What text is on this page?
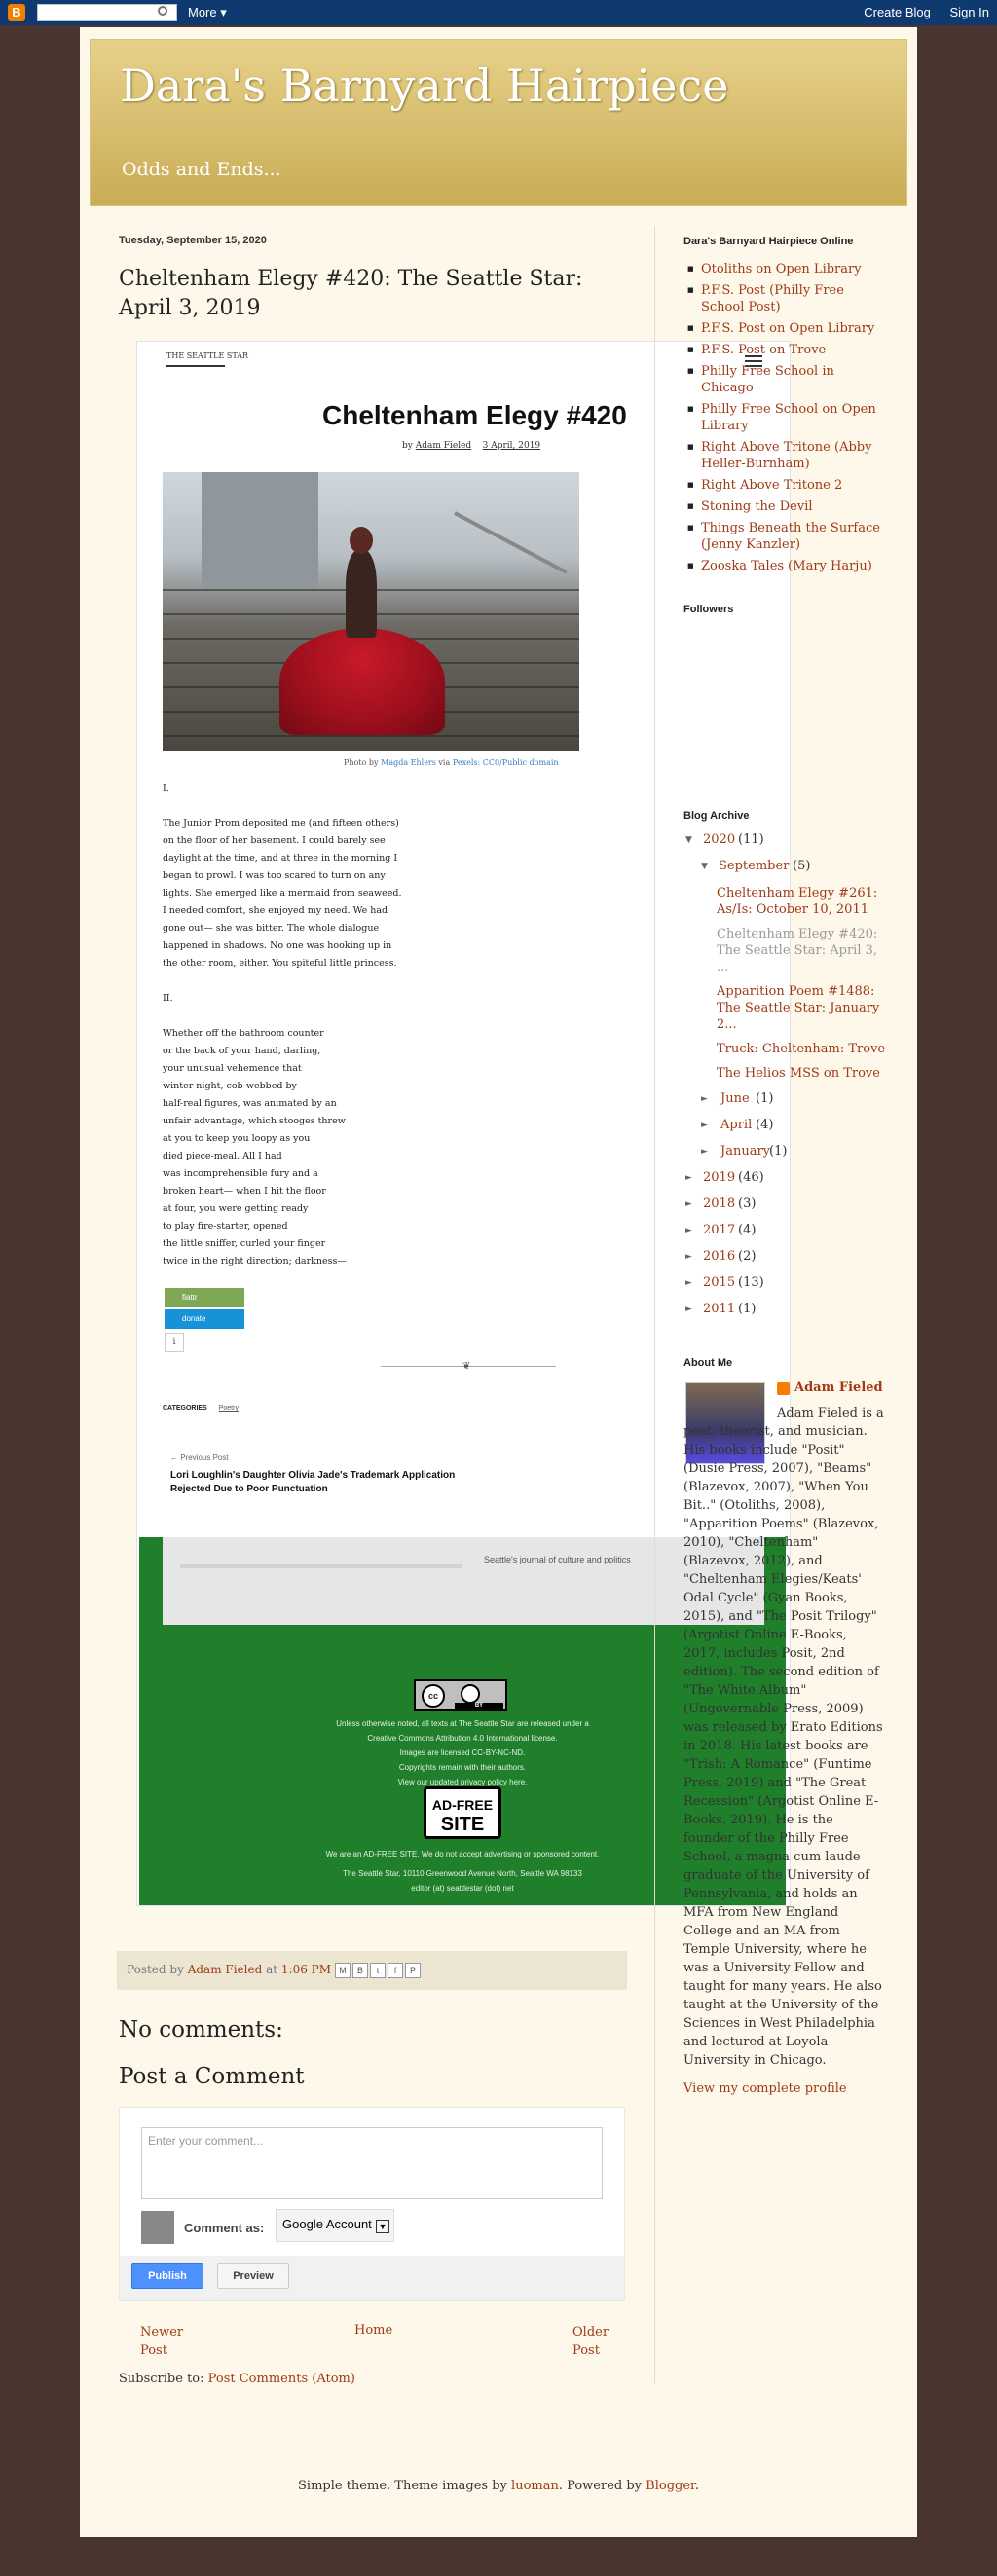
B	More ▾	Create Blog Sign In
Dara's Barnyard Hairpiece
Odds and Ends...
Tuesday, September 15, 2020
Cheltenham Elegy #420: The Seattle Star: April 3, 2019
THE SEATTLE STAR
Cheltenham Elegy #420
by Adam Fieled 3 April, 2019
Photo by Magda Ehlers via Pexels: CC0/Public domain

I.

The Junior Prom deposited me (and fifteen others) on the floor of her basement. I could barely see daylight at the time, and at three in the morning I began to prowl. I was too scared to turn on any lights. She emerged like a mermaid from seaweed. I needed comfort, she enjoyed my need. We had gone out— she was bitter. The whole dialogue happened in shadows. No one was hooking up in the other room, either. You spiteful little princess.

II.

Whether off the bathroom counter
or the back of your hand, darling,
your unusual vehemence that
winter night, cob-webbed by
half-real figures, was animated by an
unfair advantage, which stooges threw
at you to keep you loopy as you
died piece-meal. All I had
was incomprehensible fury and a
broken heart— when I hit the floor
at four, you were getting ready
to play fire-starter, opened
the little sniffer, curled your finger
twice in the right direction; darkness—
flattr
donate
i
❦
CATEGORIES Poetry
← Previous Post
Lori Loughlin's Daughter Olivia Jade's Trademark Application Rejected Due to Poor Punctuation
Seattle's journal of culture and politics
cc
BY
Unless otherwise noted, all texts at The Seattle Star are released under a
Creative Commons Attribution 4.0 International license.
Images are licensed CC-BY-NC-ND.
Copyrights remain with their authors.
View our updated privacy policy here.
AD-FREE
SITE
We are an AD-FREE SITE. We do not accept advertising or sponsored content.
The Seattle Star, 10110 Greenwood Avenue North, Seattle WA 98133
editor (at) seattlestar (dot) net
Posted by Adam Fieled at 1:06 PM M B t f P
No comments:
Post a Comment
Enter your comment...
Comment as:	Google Account ▼
Publish	Preview
Newer Post
Home	Older Post
Subscribe to: Post Comments (Atom)
Simple theme. Theme images by luoman. Powered by Blogger.
Dara's Barnyard Hairpiece Online
■ Otoliths on Open Library
■ P.F.S. Post (Philly Free School Post)
■ P.F.S. Post on Open Library
■ P.F.S. Post on Trove
■ Philly Free School in Chicago
■ Philly Free School on Open Library
■ Right Above Tritone (Abby Heller-Burnham)
■ Right Above Tritone 2
■ Stoning the Devil
■ Things Beneath the Surface (Jenny Kanzler)
■ Zooska Tales (Mary Harju)
Followers
Blog Archive
▼ 2020 (11)
▼ September (5)
Cheltenham Elegy #261: As/Is: October 10, 2011
Cheltenham Elegy #420: The Seattle Star: April 3, ...
Apparition Poem #1488: The Seattle Star: January 2...
Truck: Cheltenham: Trove
The Helios MSS on Trove
► June (1)
► April (4)
► January
(1)
► 2019 (46)
► 2018 (3)
► 2017 (4)
► 2016 (2)
► 2015 (13)
► 2011 (1)
About Me
Adam Fieled
Adam Fieled is a poet, theorist, and musician. His books include "Posit" (Dusie Press, 2007), "Beams" (Blazevox, 2007), "When You Bit.." (Otoliths, 2008), "Apparition Poems" (Blazevox, 2010), "Cheltenham" (Blazevox, 2012), and "Cheltenham Elegies/Keats' Odal Cycle" (Gyan Books, 2015), and "The Posit Trilogy" (Argotist Online E-Books, 2017, includes Posit, 2nd edition). The second edition of "The White Album" (Ungovernable Press, 2009) was released by Erato Editions in 2018. His latest books are "Trish: A Romance" (Funtime Press, 2019) and "The Great Recession" (Argotist Online E-Books, 2019). He is the founder of the Philly Free School, a magna cum laude graduate of the University of Pennsylvania, and holds an MFA from New England College and an MA from Temple University, where he was a University Fellow and taught for many years. He also taught at the University of the Sciences in West Philadelphia and lectured at Loyola University in Chicago.
View my complete profile
